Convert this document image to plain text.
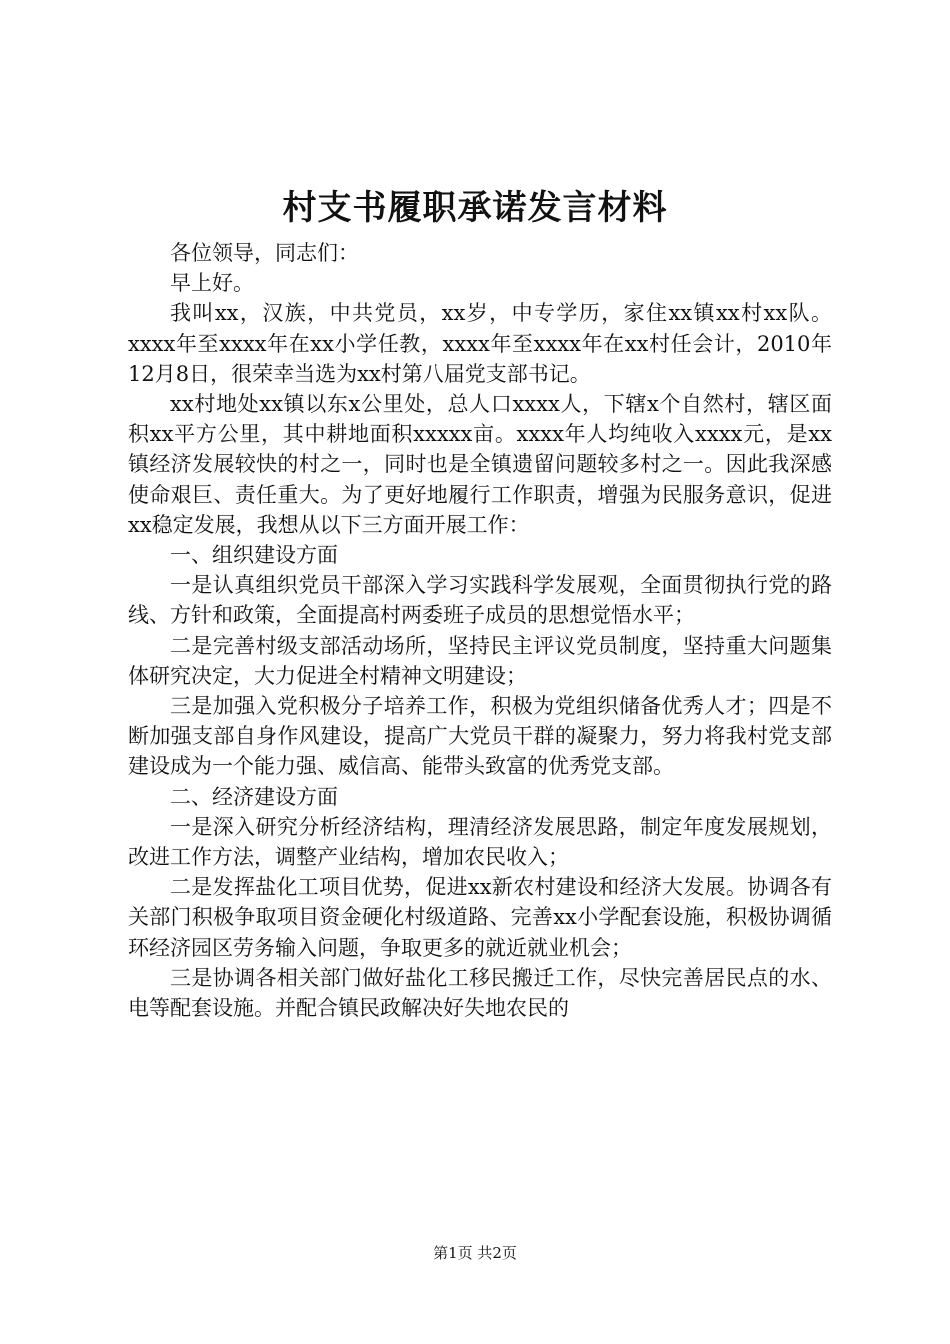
村支书履职承诺发言材料

各位领导，同志们：

早上好。

我叫xx，汉族，中共党员，xx岁，中专学历，家住xx镇xx村xx队。xxxx年至xxxx年在xx小学任教，xxxx年至xxxx年在xx村任会计，2010年12月8日，很荣幸当选为xx村第八届党支部书记。

xx村地处xx镇以东x公里处，总人口xxxx人，下辖x个自然村，辖区面积xx平方公里，其中耕地面积xxxxx亩。xxxx年人均纯收入xxxx元，是xx镇经济发展较快的村之一，同时也是全镇遗留问题较多村之一。因此我深感使命艰巨、责任重大。为了更好地履行工作职责，增强为民服务意识，促进xx稳定发展，我想从以下三方面开展工作：

一、组织建设方面

一是认真组织党员干部深入学习实践科学发展观，全面贯彻执行党的路线、方针和政策，全面提高村两委班子成员的思想觉悟水平；

二是完善村级支部活动场所，坚持民主评议党员制度，坚持重大问题集体研究决定，大力促进全村精神文明建设；

三是加强入党积极分子培养工作，积极为党组织储备优秀人才；四是不断加强支部自身作风建设，提高广大党员干群的凝聚力，努力将我村党支部建设成为一个能力强、威信高、能带头致富的优秀党支部。

二、经济建设方面

一是深入研究分析经济结构，理清经济发展思路，制定年度发展规划，改进工作方法，调整产业结构，增加农民收入；

二是发挥盐化工项目优势，促进xx新农村建设和经济大发展。协调各有关部门积极争取项目资金硬化村级道路、完善xx小学配套设施，积极协调循环经济园区劳务输入问题，争取更多的就近就业机会；

三是协调各相关部门做好盐化工移民搬迁工作，尽快完善居民点的水、电等配套设施。并配合镇民政解决好失地农民的

第1页 共2页
